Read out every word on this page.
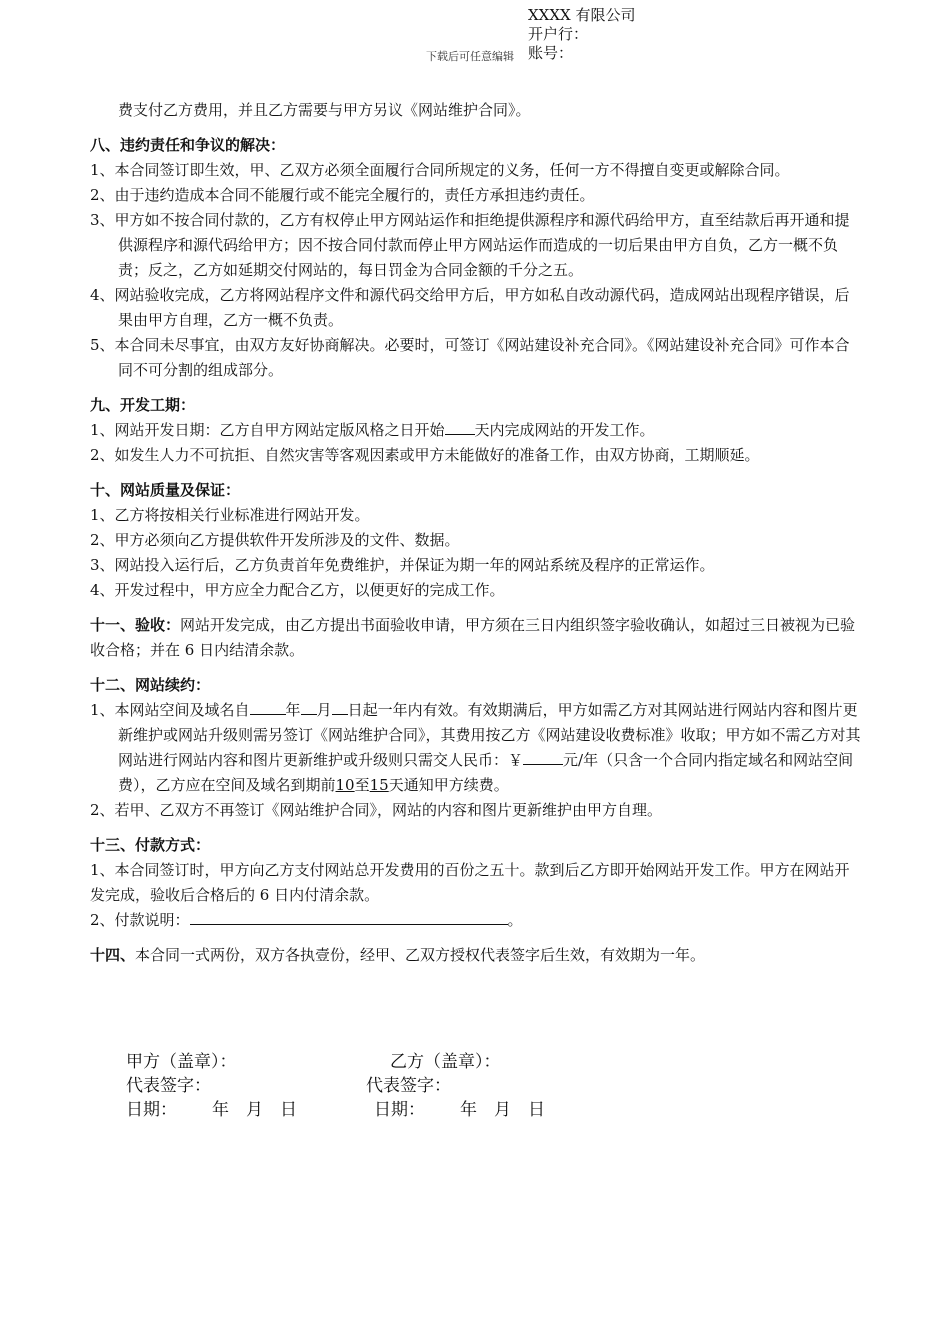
XXXX 有限公司
开户行：
账号：
下载后可任意编辑

费支付乙方费用，并且乙方需要与甲方另议《网站维护合同》。

八、违约责任和争议的解决：

1、本合同签订即生效，甲、乙双方必须全面履行合同所规定的义务，任何一方不得擅自变更或解除合同。

2、由于违约造成本合同不能履行或不能完全履行的，责任方承担违约责任。

3、甲方如不按合同付款的，乙方有权停止甲方网站运作和拒绝提供源程序和源代码给甲方，直至结款后再开通和提供源程序和源代码给甲方；因不按合同付款而停止甲方网站运作而造成的一切后果由甲方自负，乙方一概不负责；反之，乙方如延期交付网站的，每日罚金为合同金额的千分之五。

4、网站验收完成，乙方将网站程序文件和源代码交给甲方后，甲方如私自改动源代码，造成网站出现程序错误，后果由甲方自理，乙方一概不负责。

5、本合同未尽事宜，由双方友好协商解决。必要时，可签订《网站建设补充合同》。《网站建设补充合同》可作本合同不可分割的组成部分。

九、开发工期：

1、网站开发日期：乙方自甲方网站定版风格之日开始 天内完成网站的开发工作。

2、如发生人力不可抗拒、自然灾害等客观因素或甲方未能做好的准备工作，由双方协商，工期顺延。

十、网站质量及保证：

1、乙方将按相关行业标准进行网站开发。

2、甲方必须向乙方提供软件开发所涉及的文件、数据。

3、网站投入运行后，乙方负责首年免费维护，并保证为期一年的网站系统及程序的正常运作。

4、开发过程中，甲方应全力配合乙方，以便更好的完成工作。

十一、验收：网站开发完成，由乙方提出书面验收申请，甲方须在三日内组织签字验收确认，如超过三日被视为已验收合格；并在 6 日内结清余款。

十二、网站续约：

1、本网站空间及域名自 年 月 日起一年内有效。有效期满后，甲方如需乙方对其网站进行网站内容和图片更新维护或网站升级则需另签订《网站维护合同》，其费用按乙方《网站建设收费标准》收取；甲方如不需乙方对其网站进行网站内容和图片更新维护或升级则只需交人民币：￥	元/年（只含一个合同内指定域名和网站空间费），乙方应在空间及域名到期前10至15天通知甲方续费。

2、若甲、乙双方不再签订《网站维护合同》，网站的内容和图片更新维护由甲方自理。

十三、付款方式：

1、本合同签订时，甲方向乙方支付网站总开发费用的百份之五十。款到后乙方即开始网站开发工作。甲方在网站开发完成，验收后合格后的 6 日内付清余款。

2、付款说明：	。

十四、本合同一式两份，双方各执壹份，经甲、乙双方授权代表签字后生效，有效期为一年。

甲方（盖章）：	乙方（盖章）：
代表签字：	代表签字：
日期： 年 月 日	日期： 年 月 日
